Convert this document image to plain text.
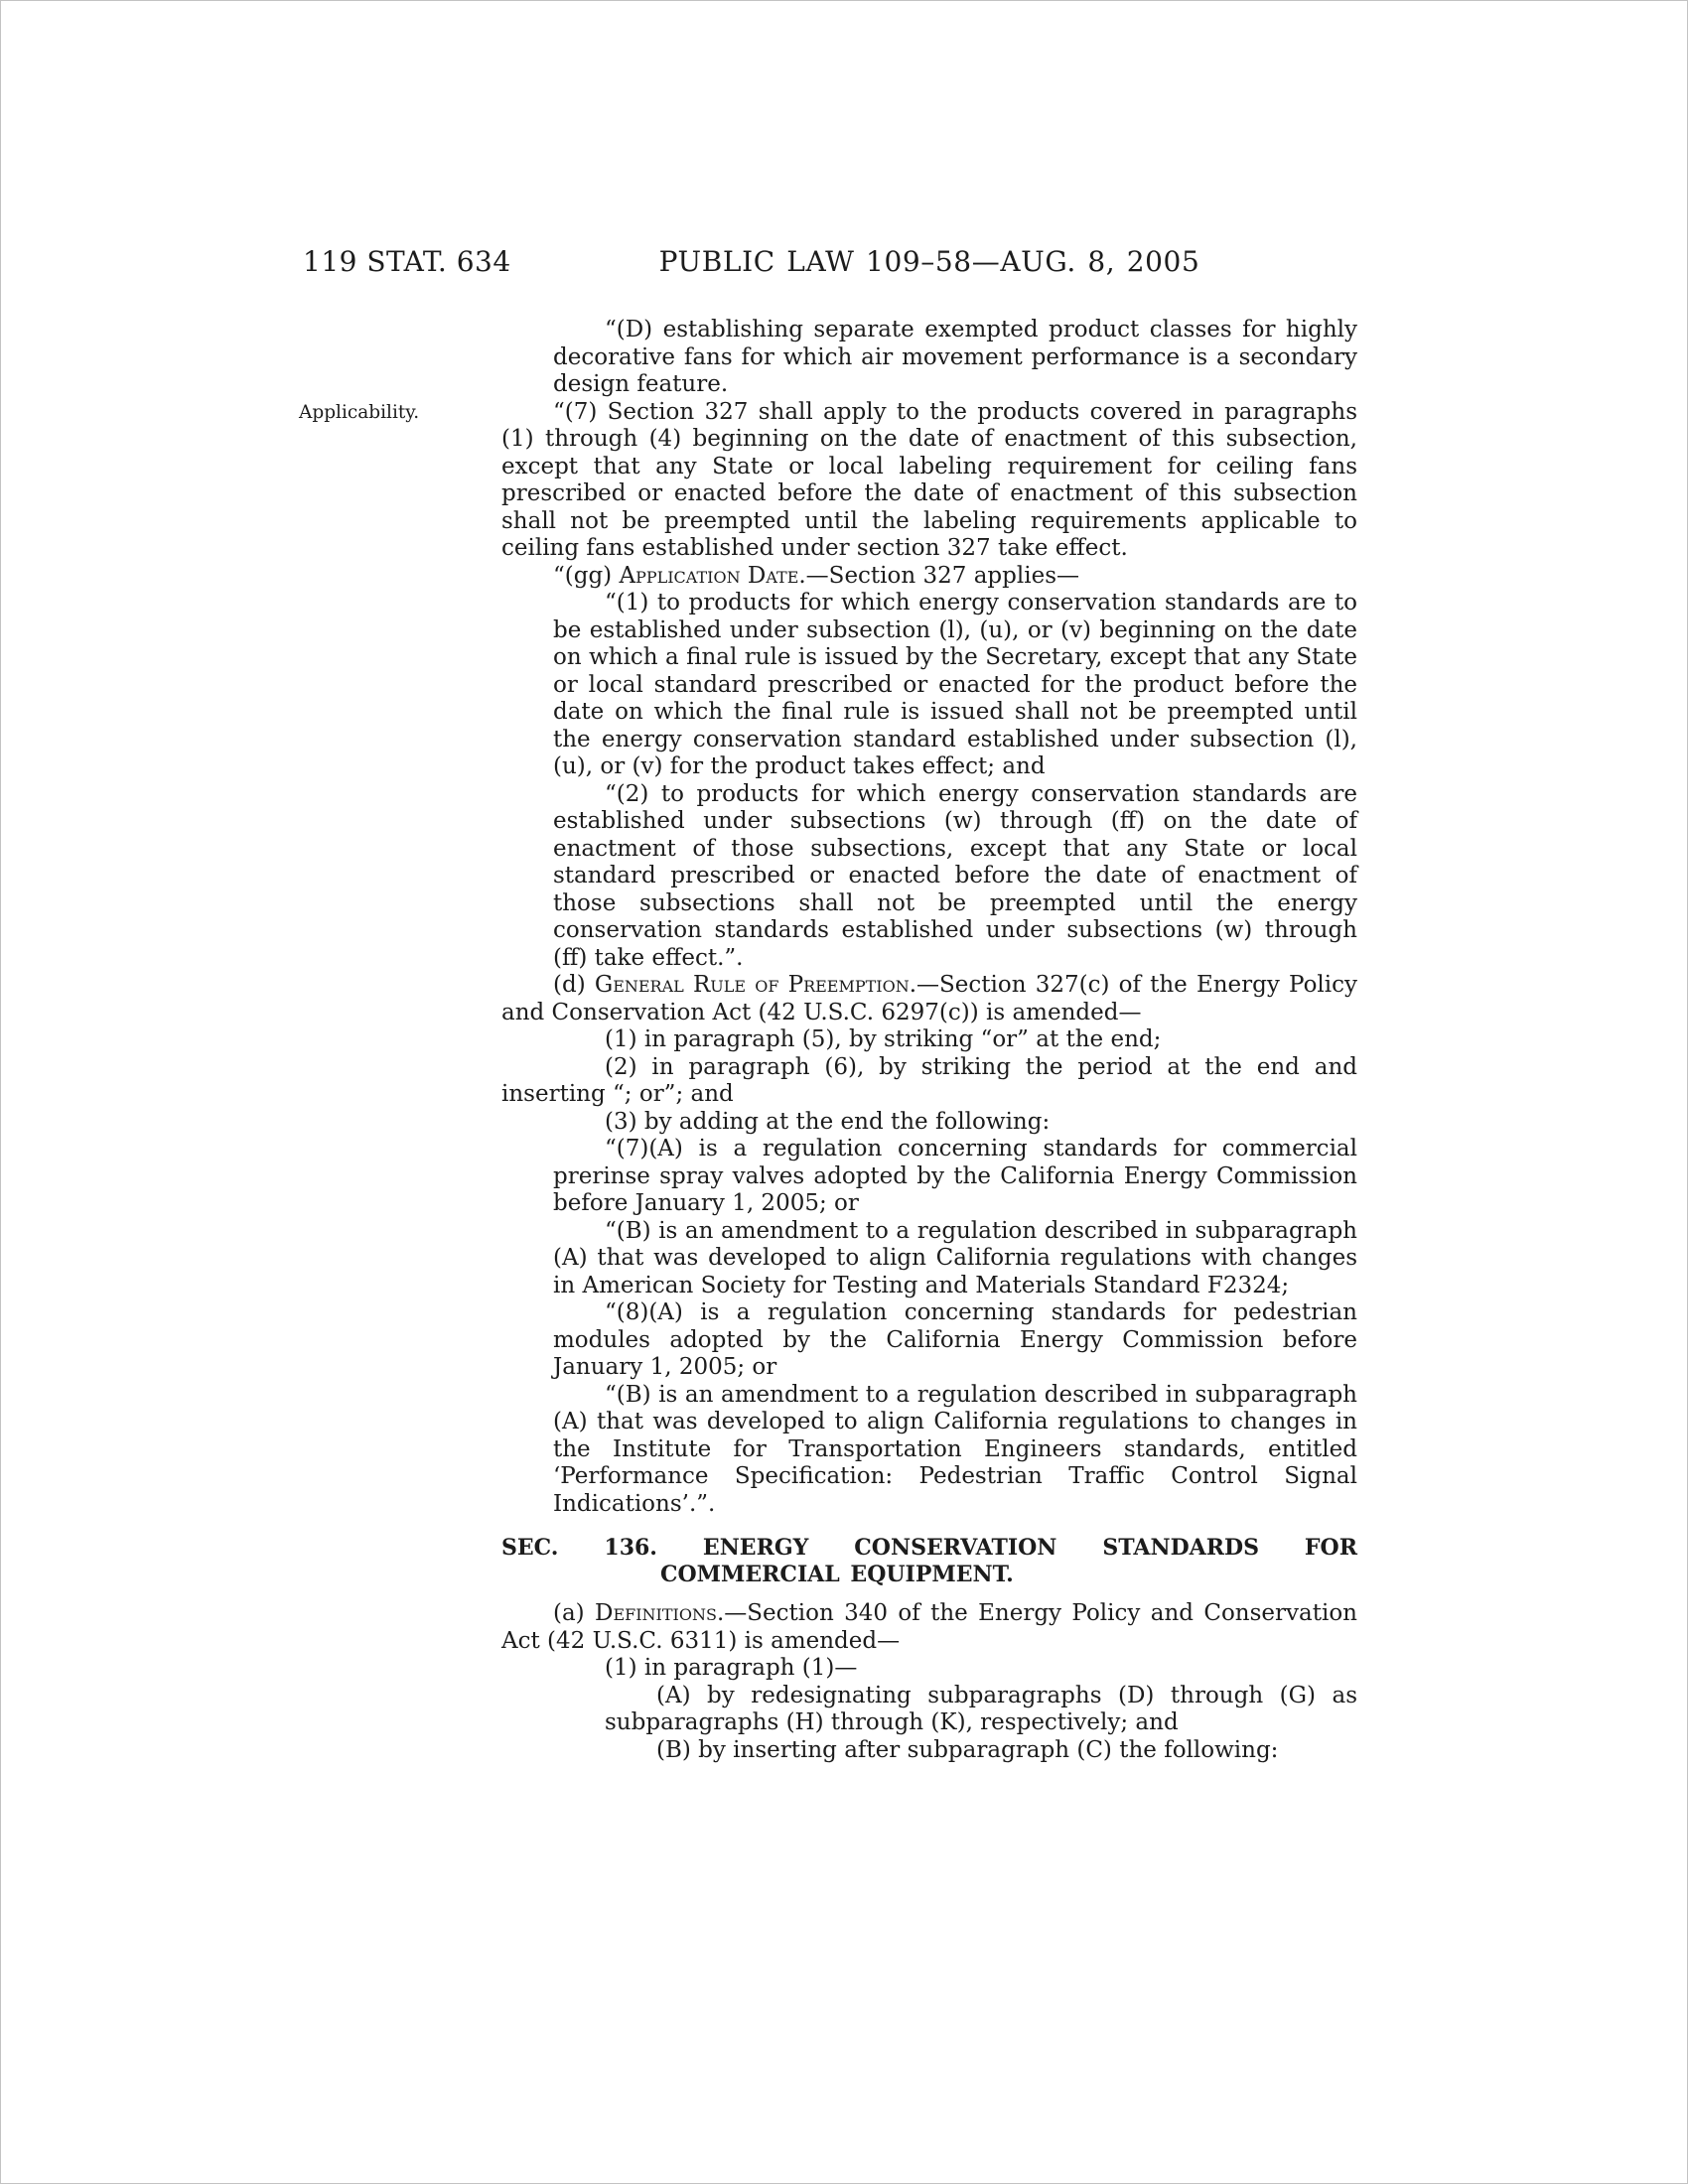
119 STAT. 634	PUBLIC LAW 109–58—AUG. 8, 2005

“(D) establishing separate exempted product classes for highly decorative fans for which air movement performance is a secondary design feature.

Applicability.	“(7) Section 327 shall apply to the products covered in paragraphs (1) through (4) beginning on the date of enactment of this subsection, except that any State or local labeling requirement for ceiling fans prescribed or enacted before the date of enactment of this subsection shall not be preempted until the labeling requirements applicable to ceiling fans established under section 327 take effect.

“(gg) Application Date.—Section 327 applies—

“(1) to products for which energy conservation standards are to be established under subsection (l), (u), or (v) beginning on the date on which a final rule is issued by the Secretary, except that any State or local standard prescribed or enacted for the product before the date on which the final rule is issued shall not be preempted until the energy conservation standard established under subsection (l), (u), or (v) for the product takes effect; and

“(2) to products for which energy conservation standards are established under subsections (w) through (ff) on the date of enactment of those subsections, except that any State or local standard prescribed or enacted before the date of enactment of those subsections shall not be preempted until the energy conservation standards established under subsections (w) through (ff) take effect.”.

(d) General Rule of Preemption.—Section 327(c) of the Energy Policy and Conservation Act (42 U.S.C. 6297(c)) is amended—

(1) in paragraph (5), by striking “or” at the end;

(2) in paragraph (6), by striking the period at the end and inserting “; or”; and

(3) by adding at the end the following:

“(7)(A) is a regulation concerning standards for commercial prerinse spray valves adopted by the California Energy Commission before January 1, 2005; or

“(B) is an amendment to a regulation described in subparagraph (A) that was developed to align California regulations with changes in American Society for Testing and Materials Standard F2324;

“(8)(A) is a regulation concerning standards for pedestrian modules adopted by the California Energy Commission before January 1, 2005; or

“(B) is an amendment to a regulation described in subparagraph (A) that was developed to align California regulations to changes in the Institute for Transportation Engineers standards, entitled ‘Performance Specification: Pedestrian Traffic Control Signal Indications’.”.

SEC. 136. ENERGY CONSERVATION STANDARDS FOR COMMERCIAL EQUIPMENT.

(a) Definitions.—Section 340 of the Energy Policy and Conservation Act (42 U.S.C. 6311) is amended—

(1) in paragraph (1)—

(A) by redesignating subparagraphs (D) through (G) as subparagraphs (H) through (K), respectively; and

(B) by inserting after subparagraph (C) the following:
